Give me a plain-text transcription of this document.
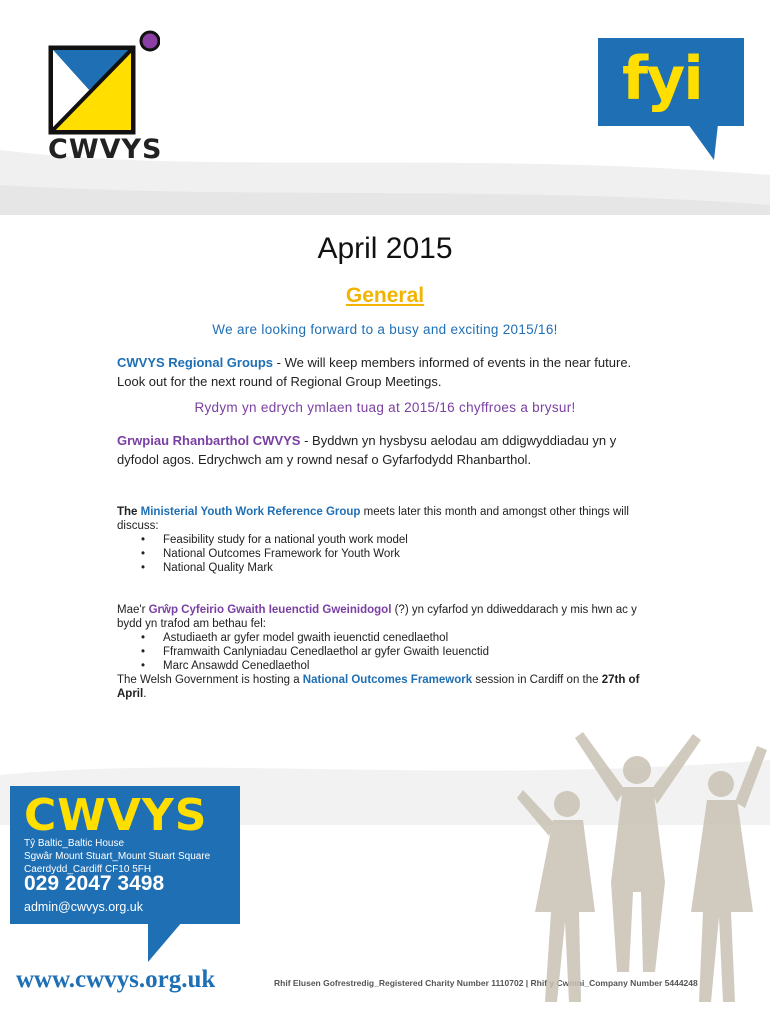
CWVYS
fyi
April 2015
General
We are looking forward to a busy and exciting 2015/16!
CWVYS Regional Groups - We will keep members informed of events in the near future. Look out for the next round of Regional Group Meetings.
Rydym yn edrych ymlaen tuag at 2015/16 chyffroes a brysur!
Grwpiau Rhanbarthol CWVYS - Byddwn yn hysbysu aelodau am ddigwyddiadau yn y dyfodol agos. Edrychwch am y rownd nesaf o Gyfarfodydd Rhanbarthol.
The Ministerial Youth Work Reference Group meets later this month and amongst other things will discuss:
• Feasibility study for a national youth work model
• National Outcomes Framework for Youth Work
• National Quality Mark
Mae'r Grŵp Cyfeirio Gwaith Ieuenctid Gweinidogol (?) yn cyfarfod yn ddiweddarach y mis hwn ac y bydd yn trafod am bethau fel:
• Astudiaeth ar gyfer model gwaith ieuenctid cenedlaethol
• Fframwaith Canlyniadau Cenedlaethol ar gyfer Gwaith Ieuenctid
• Marc Ansawdd Cenedlaethol
The Welsh Government is hosting a National Outcomes Framework session in Cardiff on the 27th of April.
CWVYS
Tŷ Baltic_Baltic House
Sgwâr Mount Stuart_Mount Stuart Square
Caerdydd_Cardiff CF10 5FH
029 2047 3498
admin@cwvys.org.uk
www.cwvys.org.uk	Rhif Elusen Gofrestredig_Registered Charity Number 1110702 | Rhif y Cwmni_Company Number 5444248
